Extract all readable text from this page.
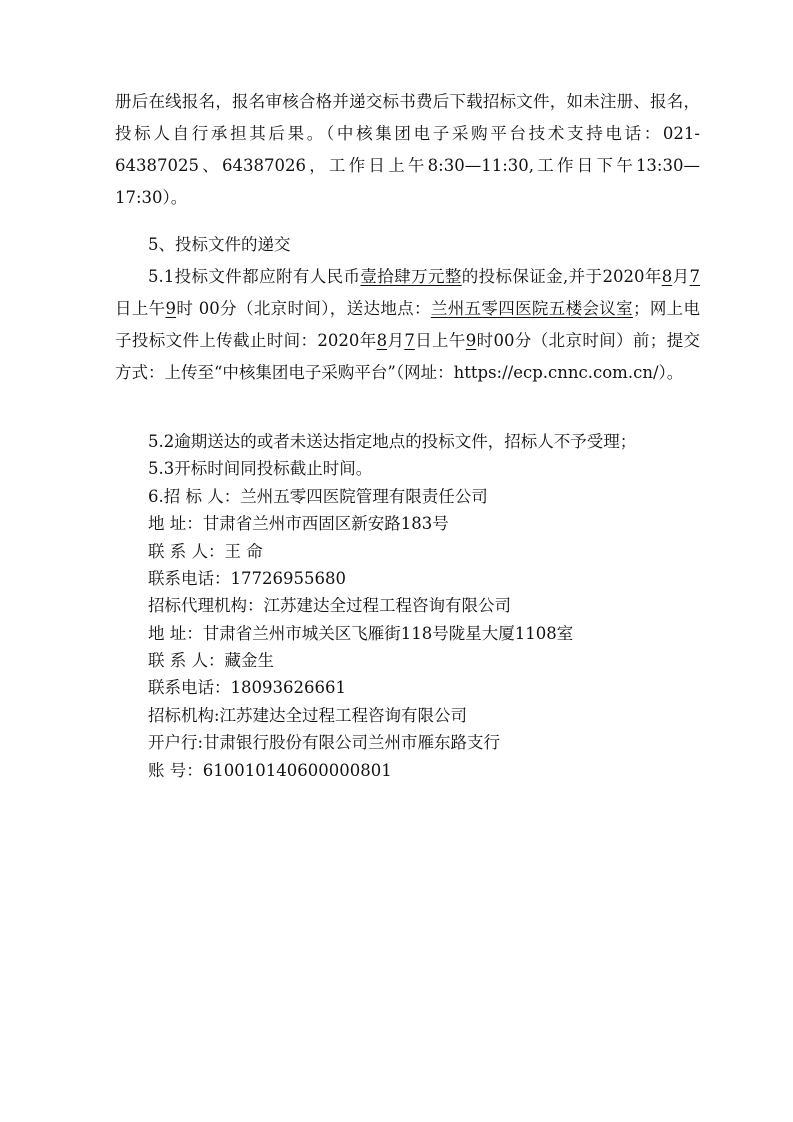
册后在线报名，报名审核合格并递交标书费后下载招标文件，如未注册、报名，投标人自行承担其后果。（中核集团电子采购平台技术支持电话：021-64387025、64387026，工作日上午8:30—11:30,工作日下午13:30—17:30）。
5、投标文件的递交
5.1投标文件都应附有人民币壹拾肆万元整的投标保证金,并于2020年8月7日上午9时 00分（北京时间），送达地点：兰州五零四医院五楼会议室；网上电子投标文件上传截止时间：2020年8月7日上午9时00分（北京时间）前；提交方式：上传至“中核集团电子采购平台”（网址：https://ecp.cnnc.com.cn/）。
5.2逾期送达的或者未送达指定地点的投标文件，招标人不予受理；
5.3开标时间同投标截止时间。
6.招 标 人：兰州五零四医院管理有限责任公司
地 址：甘肃省兰州市西固区新安路183号
联 系 人：王 命
联系电话：17726955680
招标代理机构：江苏建达全过程工程咨询有限公司
地 址：甘肃省兰州市城关区飞雁街118号陇星大厦1108室
联 系 人：藏金生
联系电话：18093626661
招标机构:江苏建达全过程工程咨询有限公司
开户行:甘肃银行股份有限公司兰州市雁东路支行
账 号：610010140600000801
